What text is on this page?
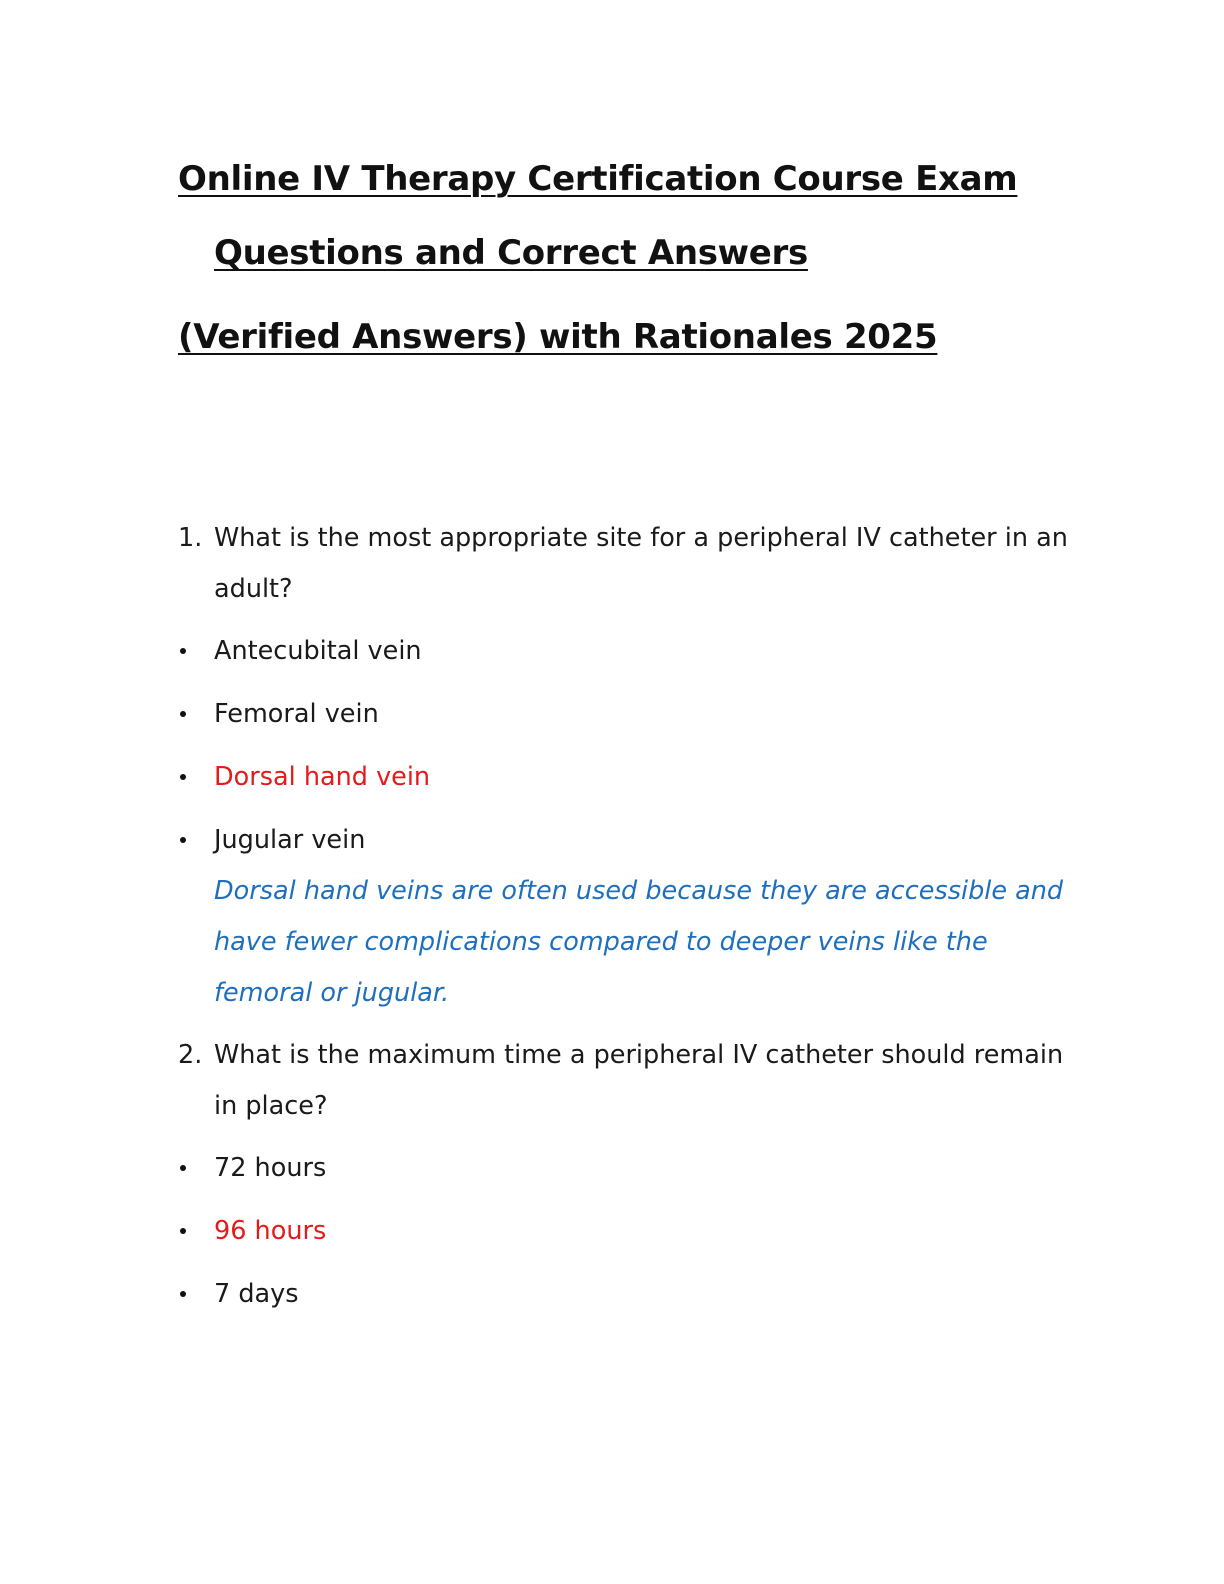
Online IV Therapy Certification Course Exam
Questions and Correct Answers
(Verified Answers) with Rationales 2025
1. What is the most appropriate site for a peripheral IV catheter in an adult?
Antecubital vein
Femoral vein
Dorsal hand vein
Jugular vein
Dorsal hand veins are often used because they are accessible and have fewer complications compared to deeper veins like the femoral or jugular.
2. What is the maximum time a peripheral IV catheter should remain in place?
72 hours
96 hours
7 days
